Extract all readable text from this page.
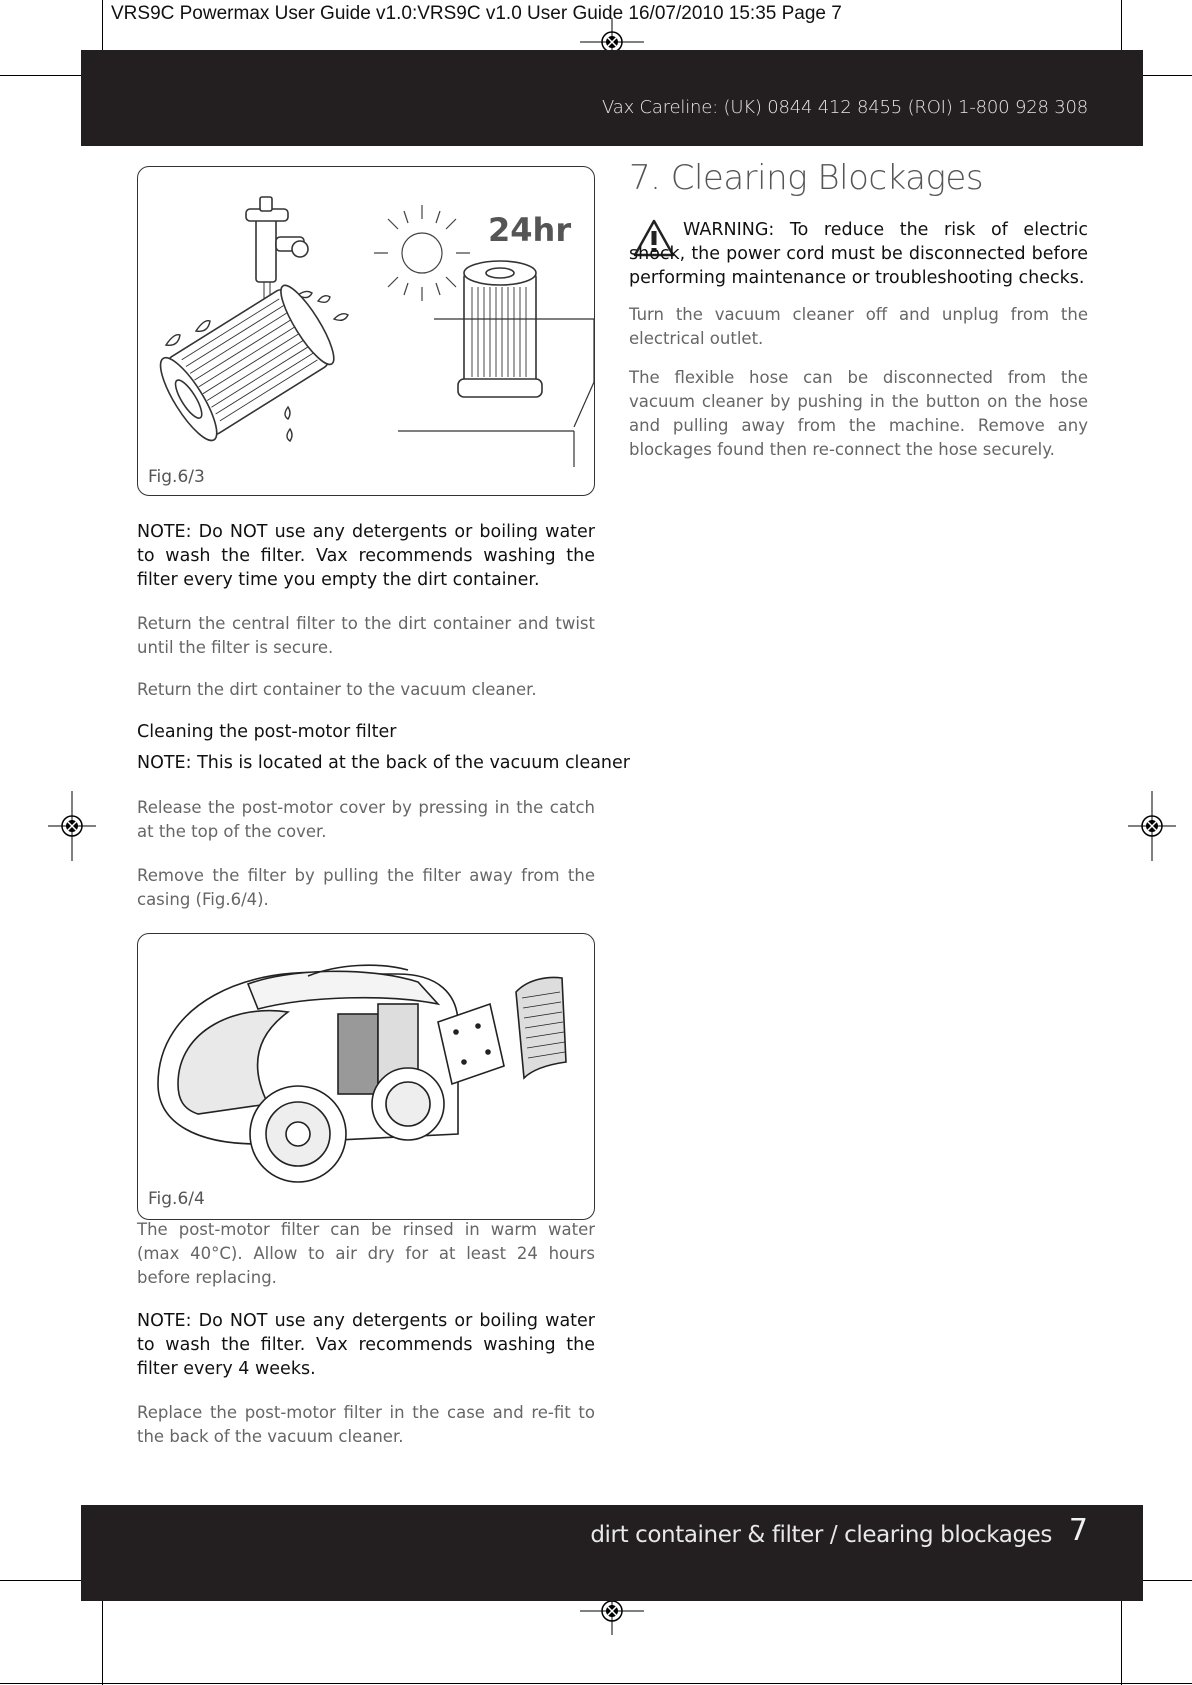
VRS9C Powermax User Guide v1.0:VRS9C v1.0 User Guide 16/07/2010 15:35 Page 7
Vax Careline: (UK) 0844 412 8455 (ROI) 1-800 928 308
24hr
Fig.6/3

NOTE: Do NOT use any detergents or boiling water to wash the filter. Vax recommends washing the filter every time you empty the dirt container.

Return the central filter to the dirt container and twist until the filter is secure.

Return the dirt container to the vacuum cleaner.

Cleaning the post-motor filter
NOTE: This is located at the back of the vacuum cleaner

Release the post-motor cover by pressing in the catch at the top of the cover.

Remove the filter by pulling the filter away from the casing (Fig.6/4).

Fig.6/4

The post-motor filter can be rinsed in warm water (max 40°C). Allow to air dry for at least 24 hours before replacing.

NOTE: Do NOT use any detergents or boiling water to wash the filter. Vax recommends washing the filter every 4 weeks.

Replace the post-motor filter in the case and re-fit to the back of the vacuum cleaner.

7. Clearing Blockages

WARNING: To reduce the risk of electric shock, the power cord must be disconnected before performing maintenance or troubleshooting checks.

Turn the vacuum cleaner off and unplug from the electrical outlet.

The flexible hose can be disconnected from the vacuum cleaner by pushing in the button on the hose and pulling away from the machine. Remove any blockages found then re-connect the hose securely.

dirt container & filter / clearing blockages 7
